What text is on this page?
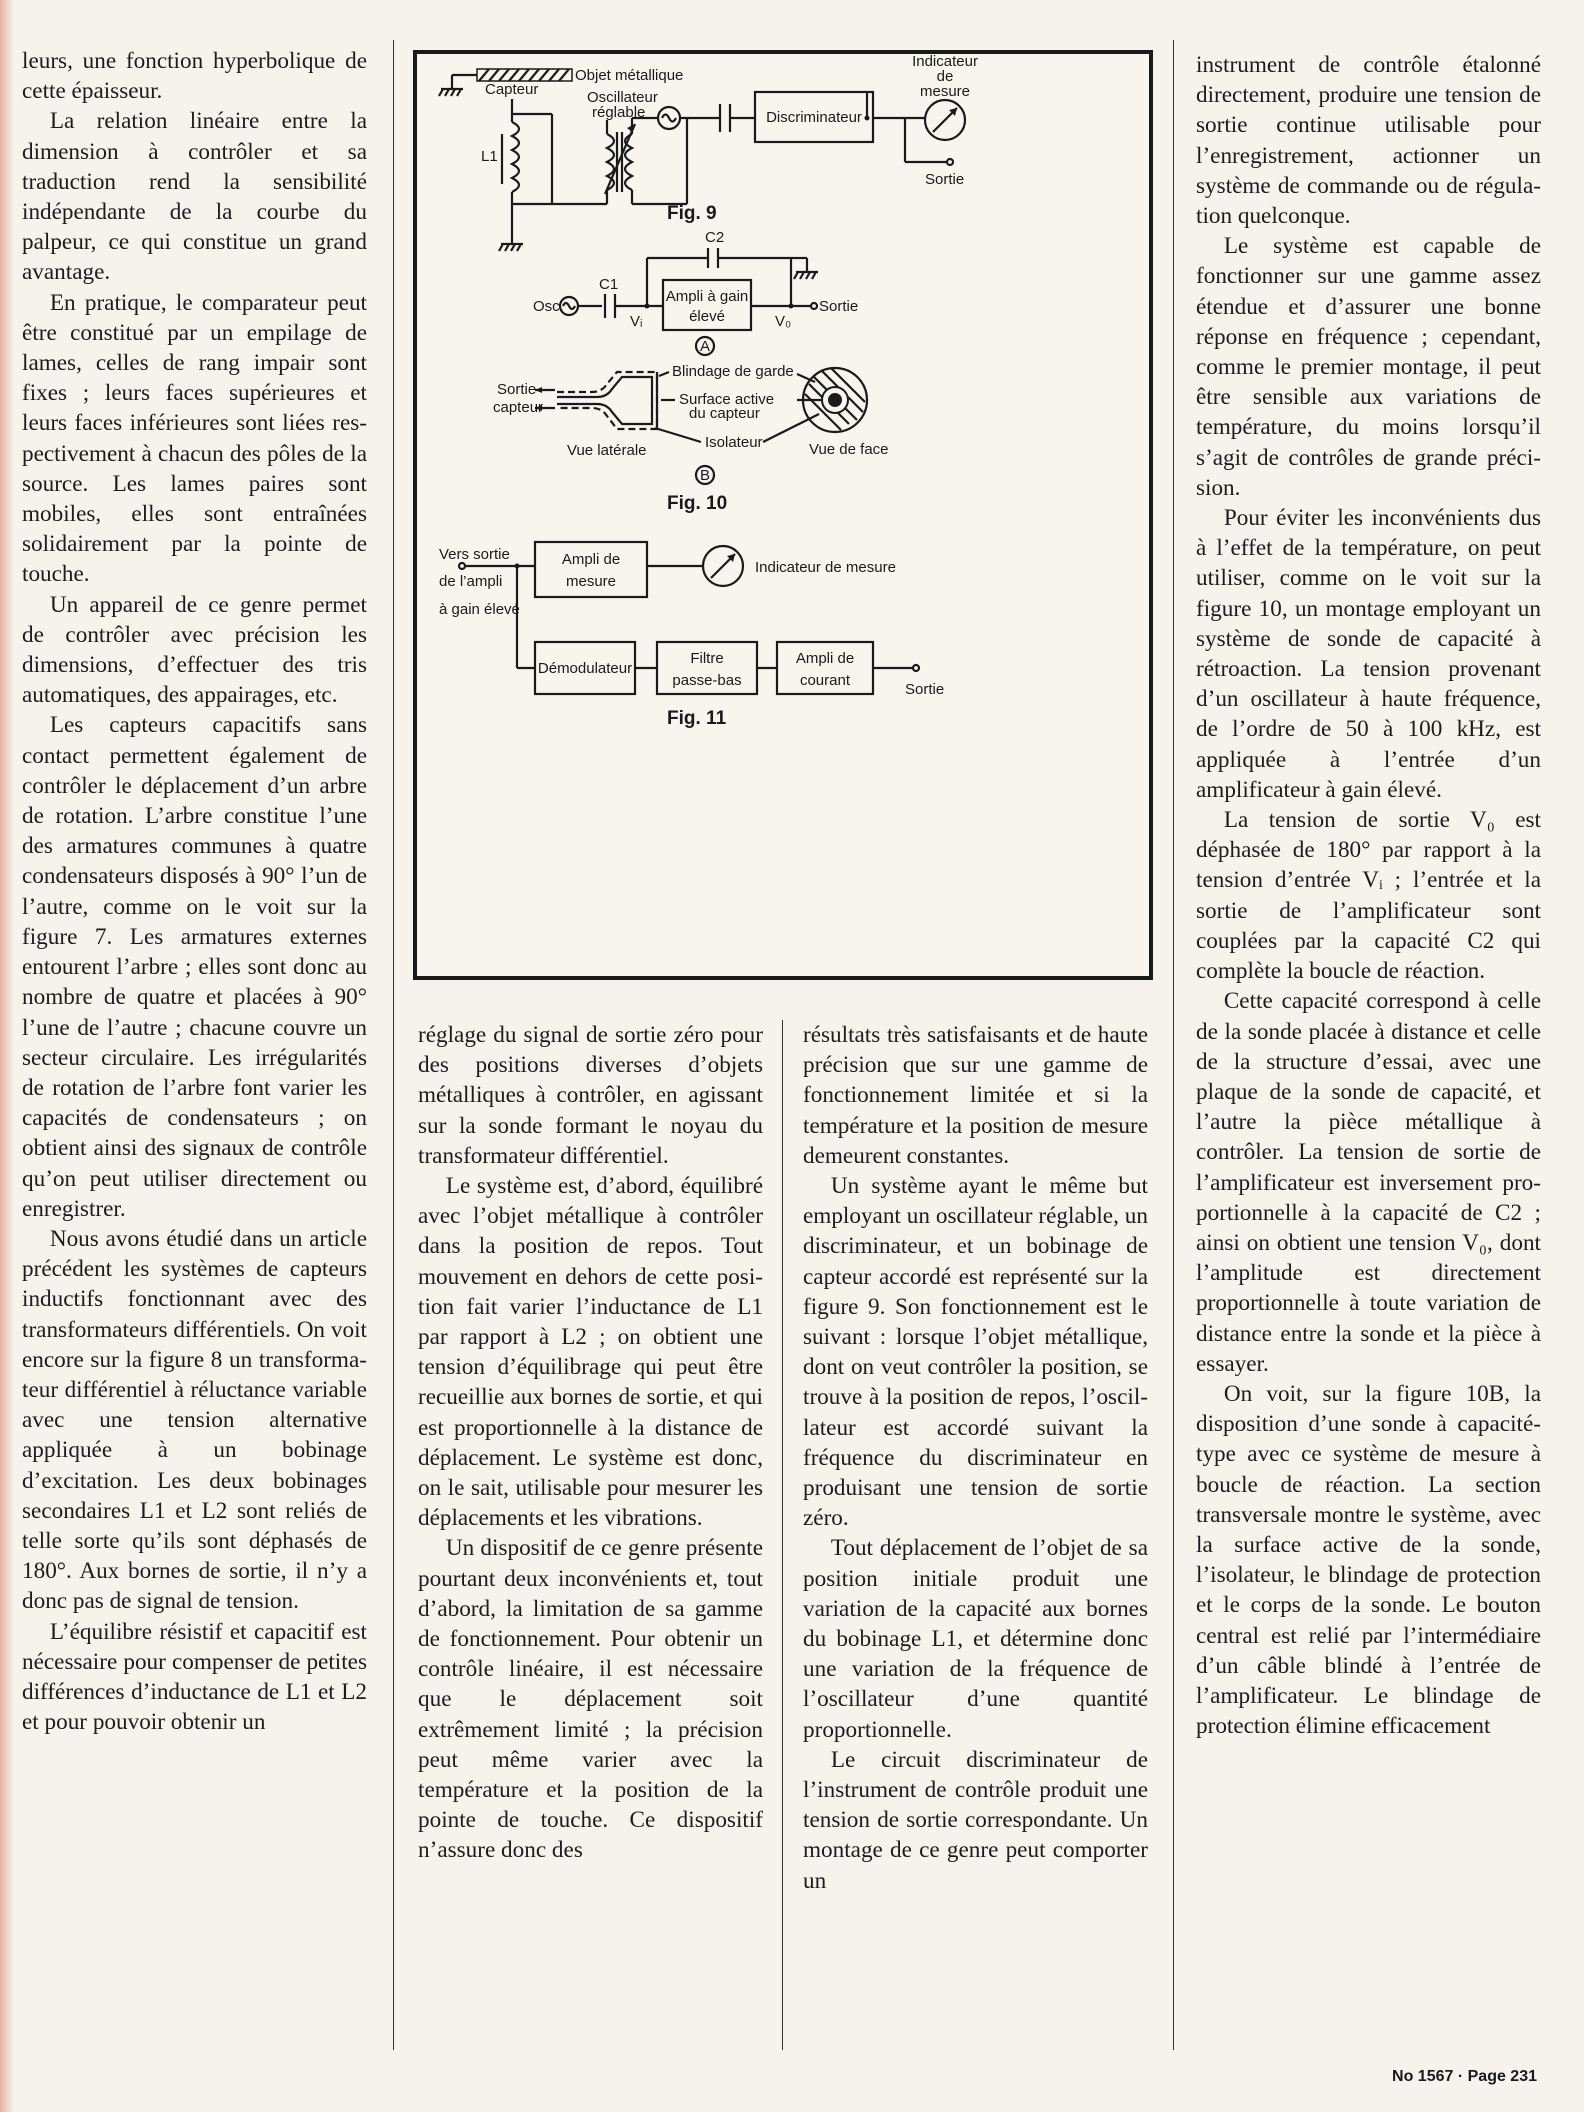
leurs, une fonction hyperbolique de cette épaisseur.

La relation linéaire entre la dimension à contrôler et sa traduction rend la sensibilité indépendante de la courbe du palpeur, ce qui constitue un grand avantage.

En pratique, le comparateur peut être constitué par un empilage de lames, celles de rang impair sont fixes ; leurs faces supérieures et leurs faces inférieures sont liées respectivement à chacun des pôles de la source. Les lames paires sont mobiles, elles sont entraînées solidairement par la pointe de touche.

Un appareil de ce genre permet de contrôler avec précision les dimensions, d’effectuer des tris automatiques, des appairages, etc.

Les capteurs capacitifs sans contact permettent également de contrôler le déplacement d’un arbre de rotation. L’arbre constitue l’une des armatures communes à quatre condensateurs disposés à 90° l’un de l’autre, comme on le voit sur la figure 7. Les armatures externes entourent l’arbre ; elles sont donc au nombre de quatre et placées à 90° l’une de l’autre ; chacune couvre un secteur circulaire. Les irrégularités de rotation de l’arbre font varier les capacités de condensateurs ; on obtient ainsi des signaux de contrôle qu’on peut utiliser directement ou enregistrer.

Nous avons étudié dans un article précédent les systèmes de capteurs inductifs fonctionnant avec des transformateurs différentiels. On voit encore sur la figure 8 un transformateur différentiel à réluctance variable avec une tension alternative appliquée à un bobinage d’excitation. Les deux bobinages secondaires L1 et L2 sont reliés de telle sorte qu’ils sont déphasés de 180°. Aux bornes de sortie, il n’y a donc pas de signal de tension.

L’équilibre résistif et capacitif est nécessaire pour compenser de petites différences d’inductance de L1 et L2 et pour pouvoir obtenir un

Objet métallique
Capteur
L1
Oscillateur
réglable	Discriminateur
Indicateur
de
mesure
Sortie
Fig. 9
C2
Osc.
C1
Vᵢ
Ampli à gain
élevé	V₀
Sortie
A
Sortie
capteur
Blindage de garde
Surface active
du capteur
Isolateur
Vue latérale	Vue de face
B
Fig. 10
Vers sortie
de l’ampli
à gain élevé
Ampli de
mesure
Indicateur de mesure
Démodulateur
Filtre
passe-bas
Ampli de
courant
Sortie
Fig. 11

réglage du signal de sortie zéro pour des positions diverses d’objets métalliques à contrôler, en agissant sur la sonde formant le noyau du transformateur différentiel.

Le système est, d’abord, équilibré avec l’objet métallique à contrôler dans la position de repos. Tout mouvement en dehors de cette position fait varier l’inductance de L1 par rapport à L2 ; on obtient une tension d’équilibrage qui peut être recueillie aux bornes de sortie, et qui est proportionnelle à la distance de déplacement. Le système est donc, on le sait, utilisable pour mesurer les déplacements et les vibrations.

Un dispositif de ce genre présente pourtant deux inconvénients et, tout d’abord, la limitation de sa gamme de fonctionnement. Pour obtenir un contrôle linéaire, il est nécessaire que le déplacement soit extrêmement limité ; la précision peut même varier avec la température et la position de la pointe de touche. Ce dispositif n’assure donc des

résultats très satisfaisants et de haute précision que sur une gamme de fonctionnement limitée et si la température et la position de mesure demeurent constantes.

Un système ayant le même but employant un oscillateur réglable, un discriminateur, et un bobinage de capteur accordé est représenté sur la figure 9. Son fonctionnement est le suivant : lorsque l’objet métallique, dont on veut contrôler la position, se trouve à la position de repos, l’oscillateur est accordé suivant la fréquence du discriminateur en produisant une tension de sortie zéro.

Tout déplacement de l’objet de sa position initiale produit une variation de la capacité aux bornes du bobinage L1, et détermine donc une variation de la fréquence de l’oscillateur d’une quantité proportionnelle.

Le circuit discriminateur de l’instrument de contrôle produit une tension de sortie correspondante. Un montage de ce genre peut comporter un

instrument de contrôle étalonné directement, produire une tension de sortie continue utilisable pour l’enregistrement, actionner un système de commande ou de régulation quelconque.

Le système est capable de fonctionner sur une gamme assez étendue et d’assurer une bonne réponse en fréquence ; cependant, comme le premier montage, il peut être sensible aux variations de température, du moins lorsqu’il s’agit de contrôles de grande précision.

Pour éviter les inconvénients dus à l’effet de la température, on peut utiliser, comme on le voit sur la figure 10, un montage employant un système de sonde de capacité à rétroaction. La tension provenant d’un oscillateur à haute fréquence, de l’ordre de 50 à 100 kHz, est appliquée à l’entrée d’un amplificateur à gain élevé.

La tension de sortie V₀ est déphasée de 180° par rapport à la tension d’entrée Vᵢ ; l’entrée et la sortie de l’amplificateur sont couplées par la capacité C2 qui complète la boucle de réaction.

Cette capacité correspond à celle de la sonde placée à distance et celle de la structure d’essai, avec une plaque de la sonde de capacité, et l’autre la pièce métallique à contrôler. La tension de sortie de l’amplificateur est inversement proportionnelle à la capacité de C2 ; ainsi on obtient une tension V₀, dont l’amplitude est directement proportionnelle à toute variation de distance entre la sonde et la pièce à essayer.

On voit, sur la figure 10B, la disposition d’une sonde à capacité-type avec ce système de mesure à boucle de réaction. La section transversale montre le système, avec la surface active de la sonde, l’isolateur, le blindage de protection et le corps de la sonde. Le bouton central est relié par l’intermédiaire d’un câble blindé à l’entrée de l’amplificateur. Le blindage de protection élimine efficacement

No 1567 · Page 231
